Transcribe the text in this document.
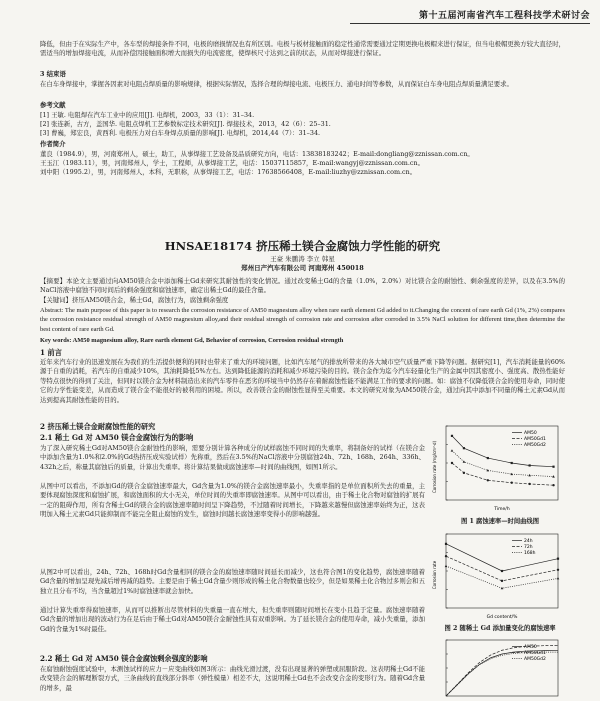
第十五届河南省汽车工程科技学术研讨会

降低，但由于在实际生产中，各车型的焊接条件不同，电极的磨损情况也有所区别。电极与板材接触面的稳定性通常需要通过定期更换电极帽来进行保证，但当电极帽更换方较大直径时，需适当的增加焊接电流，从而补偿因接触面积增大而损失的电流密度，使焊核尺寸达到之前的状态，从而对焊接进行保证。

3 结束语

在白车身焊接中，掌握各因素对电阻点焊质量的影响规律，根据实际情况，选择合理的焊接电流、电极压力、通电时间等参数，从而保证白车身电阻点焊质量满足要求。

参考文献

[1] 王敏. 电阻焊在汽车工业中的应用[J]. 电焊机，2003，33（1）：31–34.

[2] 张连新，古方，盖国华. 电阻点焊机工艺参数标定技术研究[J]. 焊接技术，2013，42（6）：25–31.

[3] 曹巍，郑宏良，黄西利. 电极压力对白车身焊点质量的影响[J]. 电焊机，2014,44（7）：31–34.

作者简介

董良（1984.9），男，河南郑州人，硕士，助工，从事焊接工艺设备及品质研究方向，电话：13838183242；E-mail:dongliang@zznissan.com.cn。

王玉江（1983.11），男，河南郑州人，学士，工程师，从事焊接工艺，电话：15037115857，E-mail:wangyj@zznissan.com.cn。

刘中阳（1995.2），男，河南郑州人，本科，无职称，从事焊接工艺，电话：17638566408，E-mail:liuzhy@zznissan.com.cn。

HNSAE18174 挤压稀土镁合金腐蚀力学性能的研究
王豪 朱鹏涛 李立 韩星
郑州日产汽车有限公司 河南郑州 450018

【摘要】本论文主要通过向AM50镁合金中添加稀土Gd来研究其耐蚀性的变化情况。通过改变稀土Gd的含量（1.0%，2.0%）对比镁合金的耐蚀性、剩余强度的差异，以及在3.5%的NaCl溶液中腐蚀不同时间后的剩余强度和腐蚀速率，确定出稀土Gd的最佳含量。

【关键词】挤压AM50镁合金，稀土Gd，腐蚀行为，腐蚀剩余强度

Abstract: The main purpose of this paper is to research the corrosion resistance of AM50 magnesium alloy when rare earth element Gd added to it.Changing the concent of rare earth Gd (1%, 2%) compares the corrosion resistance residual strength of AM50 magnesium alloy,and their residual strength of corrosion rate and corrosion after corroded in 3.5% NaCl solution for different time,then determine the best content of rare earth Gd.

Key words: AM50 magnesium alloy, Rare earth element Gd, Behavior of corrosion, Corrosion residual strength

1 前言

近年来汽车行业的迅速发展在为我们的生活提供便利的同时也带来了重大的环境问题，比如汽车尾气的排放所带来的各大城市空气质量严重下降等问题。据研究[1]，汽车消耗能量的60%源于自重的消耗，若汽车的自重减少10%，其油耗降低5%左右。达到降低能源的消耗和减少环境污染的目的。镁合金作为迄今汽车轻量化生产的金属中因其密度小、强度高、散热性能好等特点很快的得到了关注，但同时以镁合金为材料制造出来的汽车零件在恶劣的环境当中仍然存在着耐腐蚀性能不能满足工作的要求的问题。如：腐蚀不仅降低镁合金的使用寿命，同时使它的力学性能变差，从而造成了镁合金不能很好的被利用的困境。所以，改善镁合金的耐蚀性显得至关重要。本文的研究对象为AM50镁合金，通过向其中添加不同量的稀土元素Gd从而达到提高其耐蚀性能的目的。

2 挤压稀土镁合金耐腐蚀性能的研究

2.1 稀土 Gd 对 AM50 镁合金腐蚀行为的影响

为了深入研究稀土Gd对AM50镁合金耐蚀性的影响，需要分别计算各种成分的试样腐蚀不同时间的失重率，将制备好的试样（在镁合金中添加含量为1.0%和2.0%的Gd热挤压成实验试样）先称重，然后在3.5%的NaCl溶液中分别腐蚀24h、72h、168h、264h、336h、432h之后，称量其腐蚀后的质量，计算出失重率。将计算结果做成腐蚀速率—时间的曲线图，如图1所示。

从图中可以看出，不添加Gd的镁合金腐蚀速率最大，Gd含量为1.0%的镁合金腐蚀速率最小，失重率指的是单位面积所失去的重量，主要体现腐蚀深度和腐蚀扩展，和腐蚀面积的大小无关，单位时间的失重率即腐蚀速率。从图中可以看出，由于稀土化合物对腐蚀的扩展有一定的阻碍作用，所有含稀土Gd的镁合金的腐蚀速率随时间呈下降趋势，不过随着时间增长，下降越来越慢但腐蚀速率始终为正，这表明加入稀土元素Gd只能抑制而不能完全阻止腐蚀的发生，腐蚀时间越长腐蚀速率变得小的影响越强。

从图2中可以看出，24h、72h、168h时Gd含量相同的镁合金的腐蚀速率随时间延长而减少，这也符合图1的变化趋势，腐蚀速率随着Gd含量的增加呈现先减后增再减的趋势。主要是由于稀土Gd含量少则形成的稀土化合物数量也较少，但是如果稀土化合物过多则会和五独立且分布不均，当含量超过1%时腐蚀速率就会加快。

通过计算失重率得腐蚀速率，从而可以推断出尽管材料的失重量一直在增大，但失重率则随时间增长在变小且趋于定量。腐蚀速率随着Gd含量的增加出现的波动行为在足后由于稀土Gd对AM50镁合金耐蚀性具有双重影响。为了延长镁合金的使用寿命，减小失重量，添加Gd的含量为1%时最佳。

2.2 稀土 Gd 对 AM50 镁合金腐蚀剩余强度的影响

在腐蚀耐蚀强度试验中，本测蚀试样的应力－应变曲线如图3所示：曲线光滑过渡，没有出现显著的弹塑或屈服阶段。这表明稀土Gd不能改变镁合金的解理断裂方式，三条曲线的直线部分斜率（弹性模量）相差不大，这说明稀土Gd也不会改变合金的变形行为。随着Gd含量的增多，最

AM50
AM50Gd1
AM50Gd2
Time/h
Corrosion rate (mg/cm²·d)
图 1 腐蚀速率—时间曲线图
24h
72h
168h
Gd content/%
Corrosion rate
图 2 随稀土 Gd 添加量变化的腐蚀速率
AM50
AM50Gd1
AM50Gd2
